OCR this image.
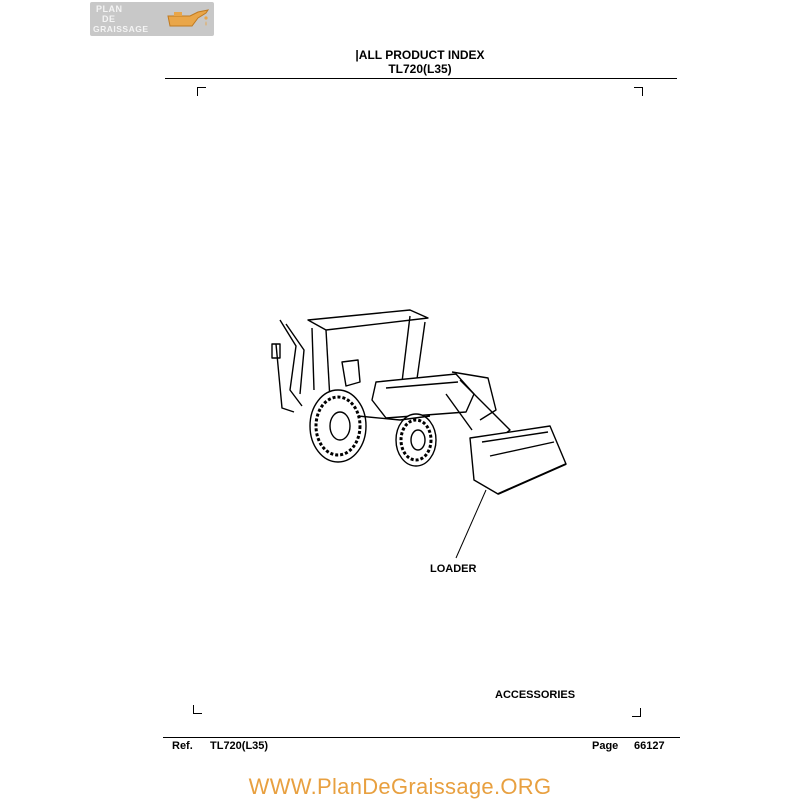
PLAN
DE
GRAISSAGE
|ALL PRODUCT INDEX
TL720(L35)
LOADER
ACCESSORIES
Ref. TL720(L35)	Page 66127
WWW.PlanDeGraissage.ORG
